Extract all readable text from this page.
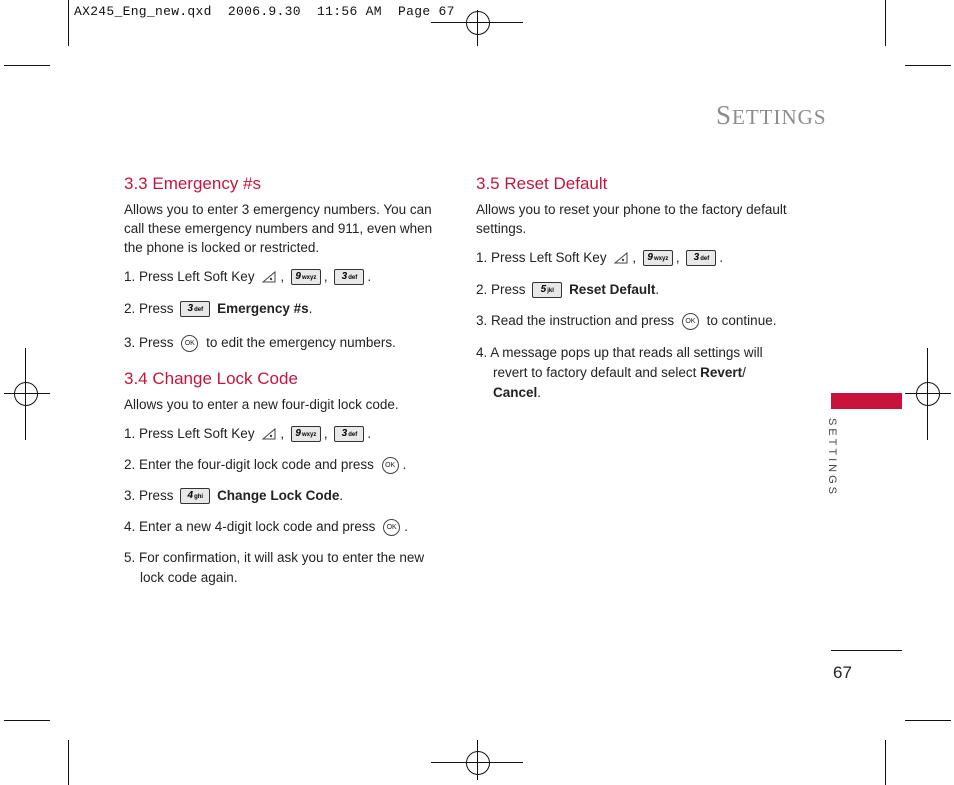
AX245_Eng_new.qxd  2006.9.30  11:56 AM  Page 67
SETTINGS
3.3 Emergency #s
Allows you to enter 3 emergency numbers. You can call these emergency numbers and 911, even when the phone is locked or restricted.
1. Press Left Soft Key , 9wxyz , 3def .
2. Press 3def Emergency #s.
3. Press OK to edit the emergency numbers.
3.4 Change Lock Code
Allows you to enter a new four-digit lock code.
1. Press Left Soft Key , 9wxyz , 3def .
2. Enter the four-digit lock code and press OK .
3. Press 4ghi Change Lock Code.
4. Enter a new 4-digit lock code and press OK .
5. For confirmation, it will ask you to enter the new
lock code again.
3.5 Reset Default
Allows you to reset your phone to the factory default settings.
1. Press Left Soft Key , 9wxyz , 3def .
2. Press 5jkl Reset Default.
3. Read the instruction and press OK to continue.
4. A message pops up that reads all settings will
revert to factory default and select Revert/
Cancel.
SETTINGS
67
